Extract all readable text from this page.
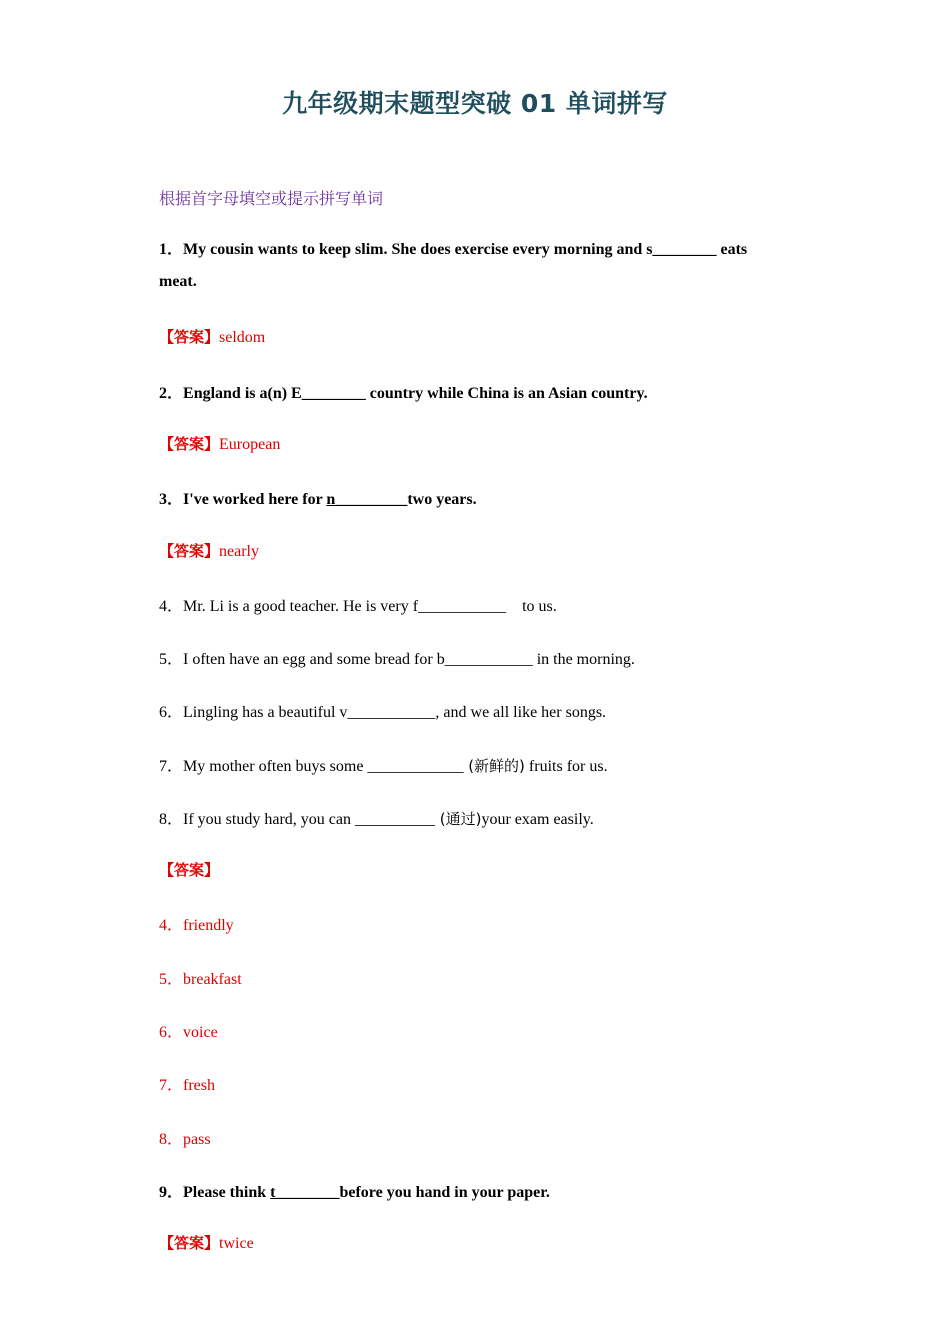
九年级期末题型突破 01 单词拼写
根据首字母填空或提示拼写单词
1．My cousin wants to keep slim. She does exercise every morning and s________ eats
meat.
【答案】seldom
2．England is a(n) E________ country while China is an Asian country.
【答案】European
3．I've worked here for n_________two years.
【答案】nearly
4．Mr. Li is a good teacher. He is very f___________    to us.
5．I often have an egg and some bread for b___________ in the morning.
6．Lingling has a beautiful v___________, and we all like her songs.
7．My mother often buys some ____________ (新鲜的) fruits for us.
8．If you study hard, you can __________ (通过)your exam easily.
【答案】
4．friendly
5．breakfast
6．voice
7．fresh
8．pass
9．Please think t________before you hand in your paper.
【答案】twice
